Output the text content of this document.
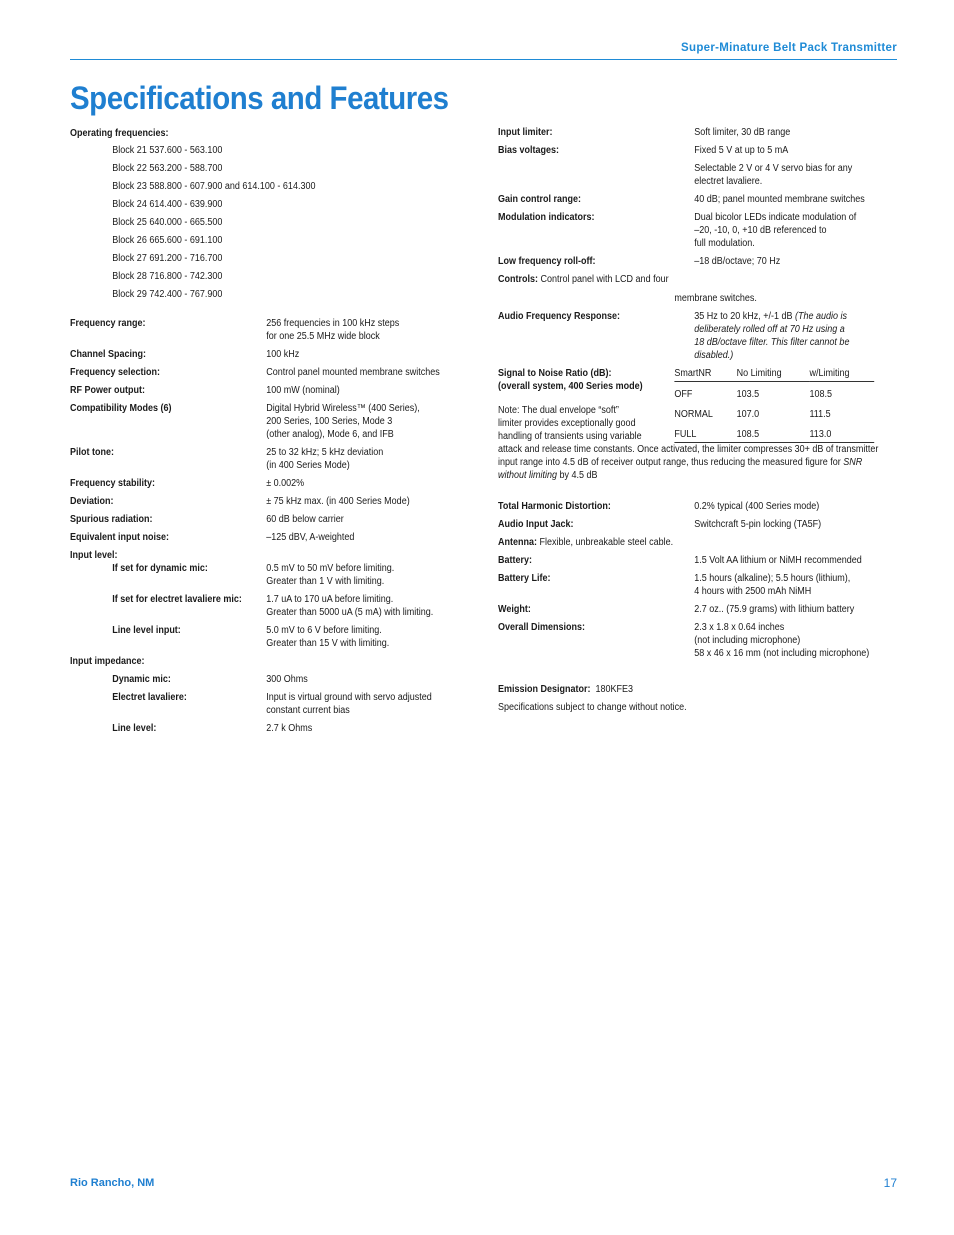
Super-Minature Belt Pack Transmitter
Specifications and Features
Operating frequencies:
Block 21 537.600 - 563.100
Block 22 563.200 - 588.700
Block 23 588.800 - 607.900 and 614.100 - 614.300
Block 24 614.400 - 639.900
Block 25 640.000 - 665.500
Block 26 665.600 - 691.100
Block 27 691.200 - 716.700
Block 28 716.800 - 742.300
Block 29 742.400 - 767.900
Frequency range:	256 frequencies in 100 kHz steps
for one 25.5 MHz wide block
Channel Spacing:	100 kHz
Frequency selection:	Control panel mounted membrane switches
RF Power output:	100 mW (nominal)
Compatibility Modes (6)	Digital Hybrid Wireless™ (400 Series),
200 Series, 100 Series, Mode 3
(other analog), Mode 6, and IFB
Pilot tone:	25 to 32 kHz; 5 kHz deviation
(in 400 Series Mode)
Frequency stability:	± 0.002%
Deviation:	± 75 kHz max. (in 400 Series Mode)
Spurious radiation:	60 dB below carrier
Equivalent input noise:	–125 dBV, A-weighted
Input level:
If set for dynamic mic:	0.5 mV to 50 mV before limiting.
Greater than 1 V with limiting.
If set for electret lavaliere mic:	1.7 uA to 170 uA before limiting.
Greater than 5000 uA (5 mA) with limiting.
Line level input:	5.0 mV to 6 V before limiting.
Greater than 15 V with limiting.
Input impedance:
Dynamic mic:	300 Ohms
Electret lavaliere:	Input is virtual ground with servo adjusted
constant current bias
Line level:	2.7 k Ohms
Input limiter:	Soft limiter, 30 dB range
Bias voltages:	Fixed 5 V at up to 5 mA
Selectable 2 V or 4 V servo bias for any
electret lavaliere.
Gain control range:	40 dB; panel mounted membrane switches
Modulation indicators:	Dual bicolor LEDs indicate modulation of
–20, -10, 0, +10 dB referenced to
full modulation.
Low frequency roll-off:	–18 dB/octave; 70 Hz
Controls: Control panel with LCD and four
membrane switches.
Audio Frequency Response:	35 Hz to 20 kHz, +/-1 dB (The audio is
deliberately rolled off at 70 Hz using a
18 dB/octave filter. This filter cannot be
disabled.)
Signal to Noise Ratio (dB):
(overall system, 400 Series mode)
Note: The dual envelope “soft”
limiter provides exceptionally good
handling of transients using variable
SmartNR	No Limiting	w/Limiting

OFF	103.5	108.5
NORMAL	107.0	111.5
FULL	108.5	113.0
attack and release time constants. Once activated, the limiter compresses 30+ dB of transmitter
input range into 4.5 dB of receiver output range, thus reducing the measured figure for SNR
without limiting by 4.5 dB
Total Harmonic Distortion:	0.2% typical (400 Series mode)
Audio Input Jack:	Switchcraft 5-pin locking (TA5F)
Antenna: Flexible, unbreakable steel cable.
Battery:	1.5 Volt AA lithium or NiMH recommended
Battery Life:	1.5 hours (alkaline); 5.5 hours (lithium),
4 hours with 2500 mAh NiMH
Weight:	2.7 oz.. (75.9 grams) with lithium battery
Overall Dimensions:	2.3 x 1.8 x 0.64 inches
(not including microphone)
58 x 46 x 16 mm (not including microphone)
Emission Designator: 180KFE3
Specifications subject to change without notice.
Rio Rancho, NM	17
